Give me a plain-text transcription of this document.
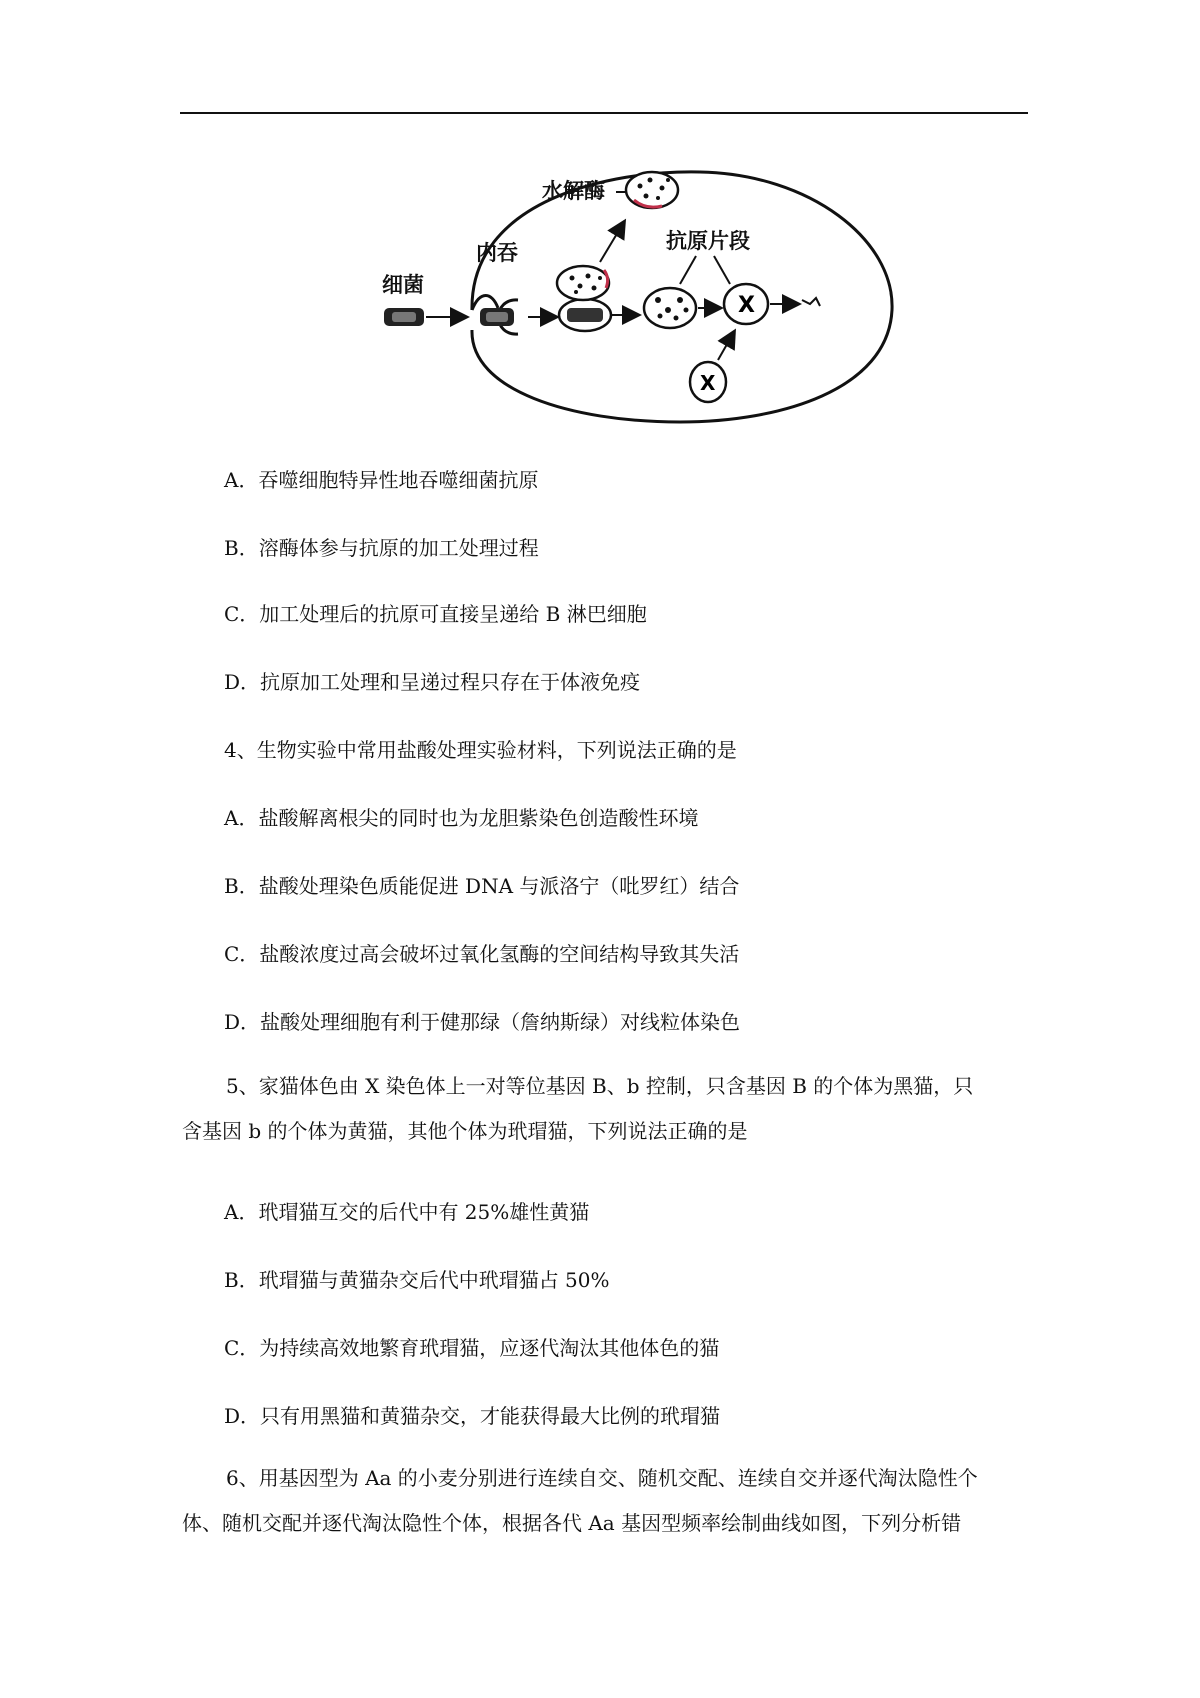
细菌
内吞
水解酶
抗原片段
X
X
A．吞噬细胞特异性地吞噬细菌抗原
B．溶酶体参与抗原的加工处理过程
C．加工处理后的抗原可直接呈递给 B 淋巴细胞
D．抗原加工处理和呈递过程只存在于体液免疫
4、生物实验中常用盐酸处理实验材料，下列说法正确的是
A．盐酸解离根尖的同时也为龙胆紫染色创造酸性环境
B．盐酸处理染色质能促进 DNA 与派洛宁（吡罗红）结合
C．盐酸浓度过高会破坏过氧化氢酶的空间结构导致其失活
D．盐酸处理细胞有利于健那绿（詹纳斯绿）对线粒体染色

5、家猫体色由 X 染色体上一对等位基因 B、b 控制，只含基因 B 的个体为黑猫，只

含基因 b 的个体为黄猫，其他个体为玳瑁猫，下列说法正确的是

A．玳瑁猫互交的后代中有 25%雄性黄猫
B．玳瑁猫与黄猫杂交后代中玳瑁猫占 50%
C．为持续高效地繁育玳瑁猫，应逐代淘汰其他体色的猫
D．只有用黑猫和黄猫杂交，才能获得最大比例的玳瑁猫

6、用基因型为 Aa 的小麦分别进行连续自交、随机交配、连续自交并逐代淘汰隐性个

体、随机交配并逐代淘汰隐性个体，根据各代 Aa 基因型频率绘制曲线如图，下列分析错
